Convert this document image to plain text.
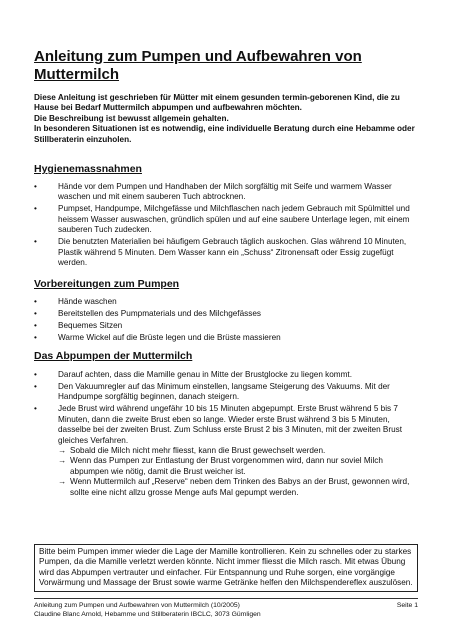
Anleitung zum Pumpen und Aufbewahren von Muttermilch

Diese Anleitung ist geschrieben für Mütter mit einem gesunden termin-geborenen Kind, die zu Hause bei Bedarf Muttermilch abpumpen und aufbewahren möchten.

Die Beschreibung ist bewusst allgemein gehalten.

In besonderen Situationen ist es notwendig, eine individuelle Beratung durch eine Hebamme oder Stillberaterin einzuholen.

Hygienemassnahmen
•	Hände vor dem Pumpen und Handhaben der Milch sorgfältig mit Seife und warmem Wasser waschen und mit einem sauberen Tuch abtrocknen.
•	Pumpset, Handpumpe, Milchgefässe und Milchflaschen nach jedem Gebrauch mit Spülmittel und heissem Wasser auswaschen, gründlich spülen und auf eine saubere Unterlage legen, mit einem sauberen Tuch zudecken.
•	Die benutzten Materialien bei häufigem Gebrauch täglich auskochen. Glas während 10 Minuten, Plastik während 5 Minuten. Dem Wasser kann ein „Schuss“ Zitronensaft oder Essig zugefügt werden.
Vorbereitungen zum Pumpen
•	Hände waschen
•	Bereitstellen des Pumpmaterials und des Milchgefässes
•	Bequemes Sitzen
•	Warme Wickel auf die Brüste legen und die Brüste massieren
Das Abpumpen der Muttermilch
•	Darauf achten, dass die Mamille genau in Mitte der Brustglocke zu liegen kommt.
•	Den Vakuumregler auf das Minimum einstellen, langsame Steigerung des Vakuums. Mit der Handpumpe sorgfältig beginnen, danach steigern.
•	Jede Brust wird während ungefähr 10 bis 15 Minuten abgepumpt. Erste Brust während 5 bis 7 Minuten, dann die zweite Brust eben so lange. Wieder erste Brust während 3 bis 5 Minuten, dasselbe bei der zweiten Brust. Zum Schluss erste Brust 2 bis 3 Minuten, mit der zweiten Brust gleiches Verfahren.
→ Sobald die Milch nicht mehr fliesst, kann die Brust gewechselt werden.
→ Wenn das Pumpen zur Entlastung der Brust vorgenommen wird, dann nur soviel Milch abpumpen wie nötig, damit die Brust weicher ist.
→ Wenn Muttermilch auf „Reserve“ neben dem Trinken des Babys an der Brust, gewonnen wird, sollte eine nicht allzu grosse Menge aufs Mal gepumpt werden.
Bitte beim Pumpen immer wieder die Lage der Mamille kontrollieren. Kein zu schnelles oder zu starkes Pumpen, da die Mamille verletzt werden könnte. Nicht immer fliesst die Milch rasch. Mit etwas Übung wird das Abpumpen vertrauter und einfacher. Für Entspannung und Ruhe sorgen, eine vorgängige Vorwärmung und Massage der Brust sowie warme Getränke helfen den Milchspendereflex auszulösen.
Anleitung zum Pumpen und Aufbewahren von Muttermilch (10/2005)	Seite 1
Claudine Blanc Arnold, Hebamme und Stillberaterin IBCLC, 3073 Gümligen
